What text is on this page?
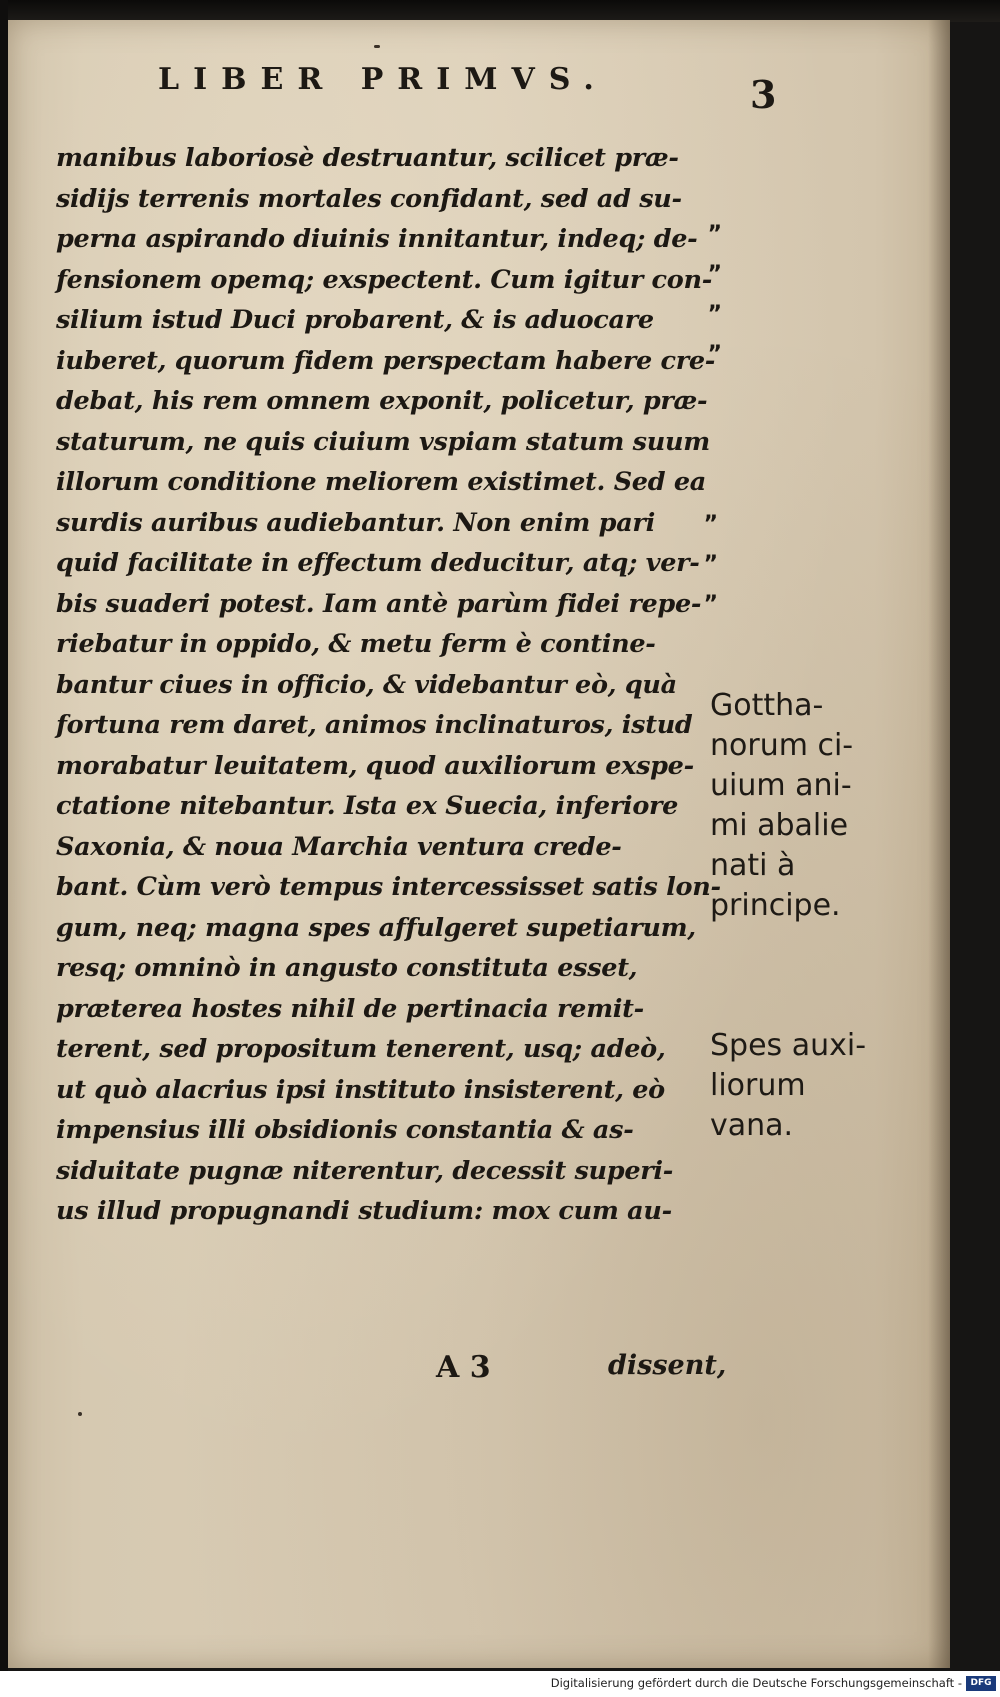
LIBER PRIMVS.	3
manibus laboriosè destruantur, scilicet præ-
sidijs terrenis mortales confidant, sed ad su-
perna aspirando diuinis innitantur, indeq; de-
fensionem opemq; exspectent. Cum igitur con-
silium istud Duci probarent, & is aduocare
iuberet, quorum fidem perspectam habere cre-
debat, his rem omnem exponit, policetur, præ-
staturum, ne quis ciuium vspiam statum suum
illorum conditione meliorem existimet. Sed ea
surdis auribus audiebantur. Non enim pari
quid facilitate in effectum deducitur, atq; ver-
bis suaderi potest. Iam antè parùm fidei repe-
riebatur in oppido, & metu ferm è contine-
bantur ciues in officio, & videbantur eò, quà
fortuna rem daret, animos inclinaturos, istud
morabatur leuitatem, quod auxiliorum exspe-
ctatione nitebantur. Ista ex Suecia, inferiore
Saxonia, & noua Marchia ventura crede-
bant. Cùm verò tempus intercessisset satis lon-
gum, neq; magna spes affulgeret supetiarum,
resq; omninò in angusto constituta esset,
præterea hostes nihil de pertinacia remit-
terent, sed propositum tenerent, usq; adeò,
ut quò alacrius ipsi instituto insisterent, eò
impensius illi obsidionis constantia & as-
siduitate pugnæ niterentur, decessit superi-
us illud propugnandi studium: mox cum au-
A 3	dissent,
„
„
„
„
„
„
„
Gottha-
norum ci-
uium ani-
mi abalie
nati à
principe.
Spes auxi-
liorum
vana.
Digitalisierung gefördert durch die Deutsche Forschungsgemeinschaft - DFG
